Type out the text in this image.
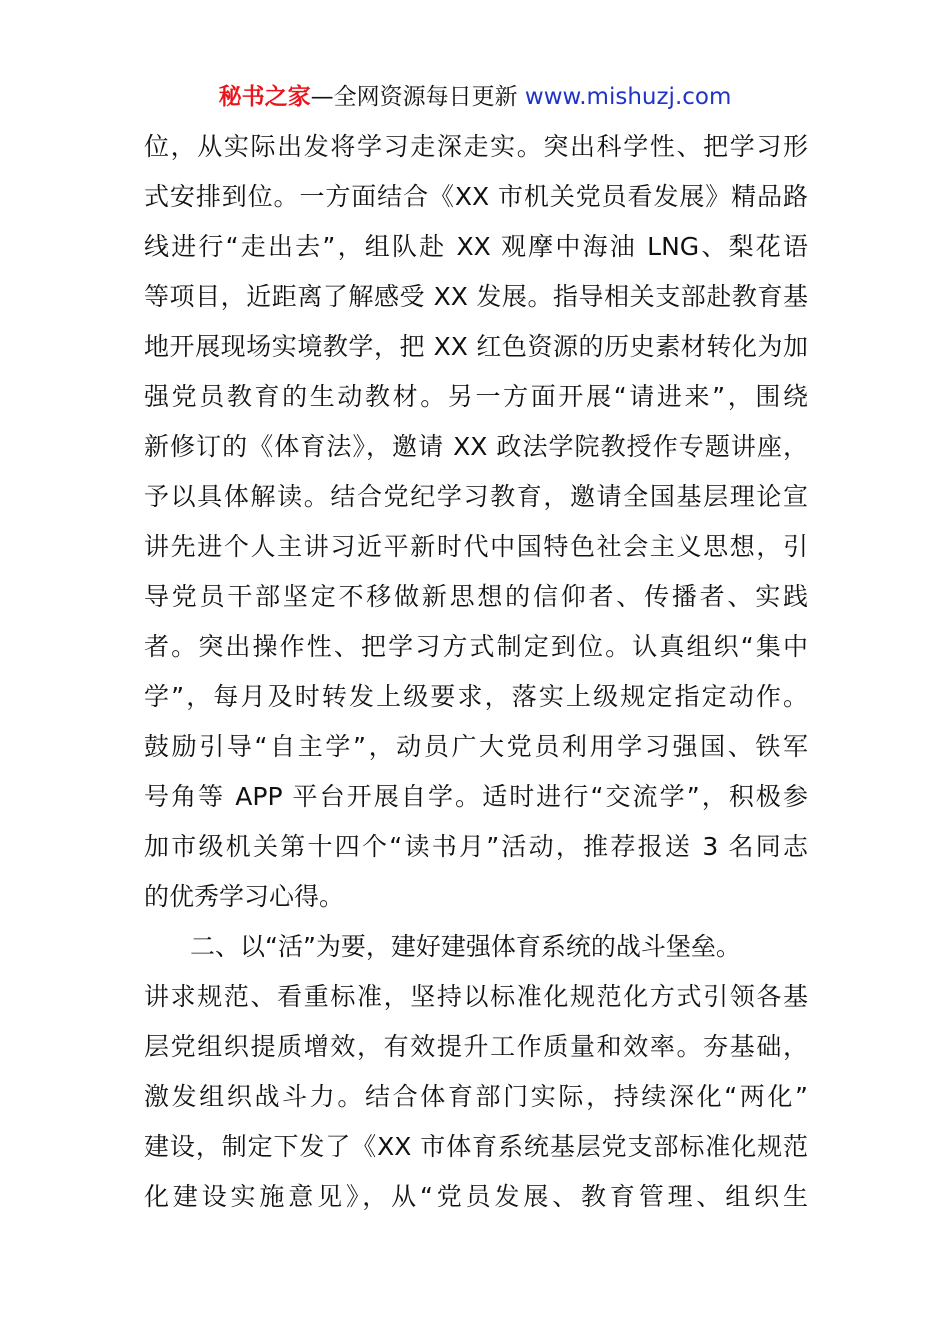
秘书之家—全网资源每日更新 www.mishuzj.com
位，从实际出发将学习走深走实。突出科学性、把学习形
式安排到位。一方面结合《XX 市机关党员看发展》精品路
线进行“走出去”，组队赴 XX 观摩中海油 LNG、梨花语
等项目，近距离了解感受 XX 发展。指导相关支部赴教育基
地开展现场实境教学，把 XX 红色资源的历史素材转化为加
强党员教育的生动教材。另一方面开展“请进来”，围绕
新修订的《体育法》，邀请 XX 政法学院教授作专题讲座，
予以具体解读。结合党纪学习教育，邀请全国基层理论宣
讲先进个人主讲习近平新时代中国特色社会主义思想，引
导党员干部坚定不移做新思想的信仰者、传播者、实践
者。突出操作性、把学习方式制定到位。认真组织“集中
学”，每月及时转发上级要求，落实上级规定指定动作。
鼓励引导“自主学”，动员广大党员利用学习强国、铁军
号角等 APP 平台开展自学。适时进行“交流学”，积极参
加市级机关第十四个“读书月”活动，推荐报送 3 名同志
的优秀学习心得。
二、以“活”为要，建好建强体育系统的战斗堡垒。
讲求规范、看重标准，坚持以标准化规范化方式引领各基
层党组织提质增效，有效提升工作质量和效率。夯基础，
激发组织战斗力。结合体育部门实际，持续深化“两化”
建设，制定下发了《XX 市体育系统基层党支部标准化规范
化建设实施意见》，从“党员发展、教育管理、组织生
